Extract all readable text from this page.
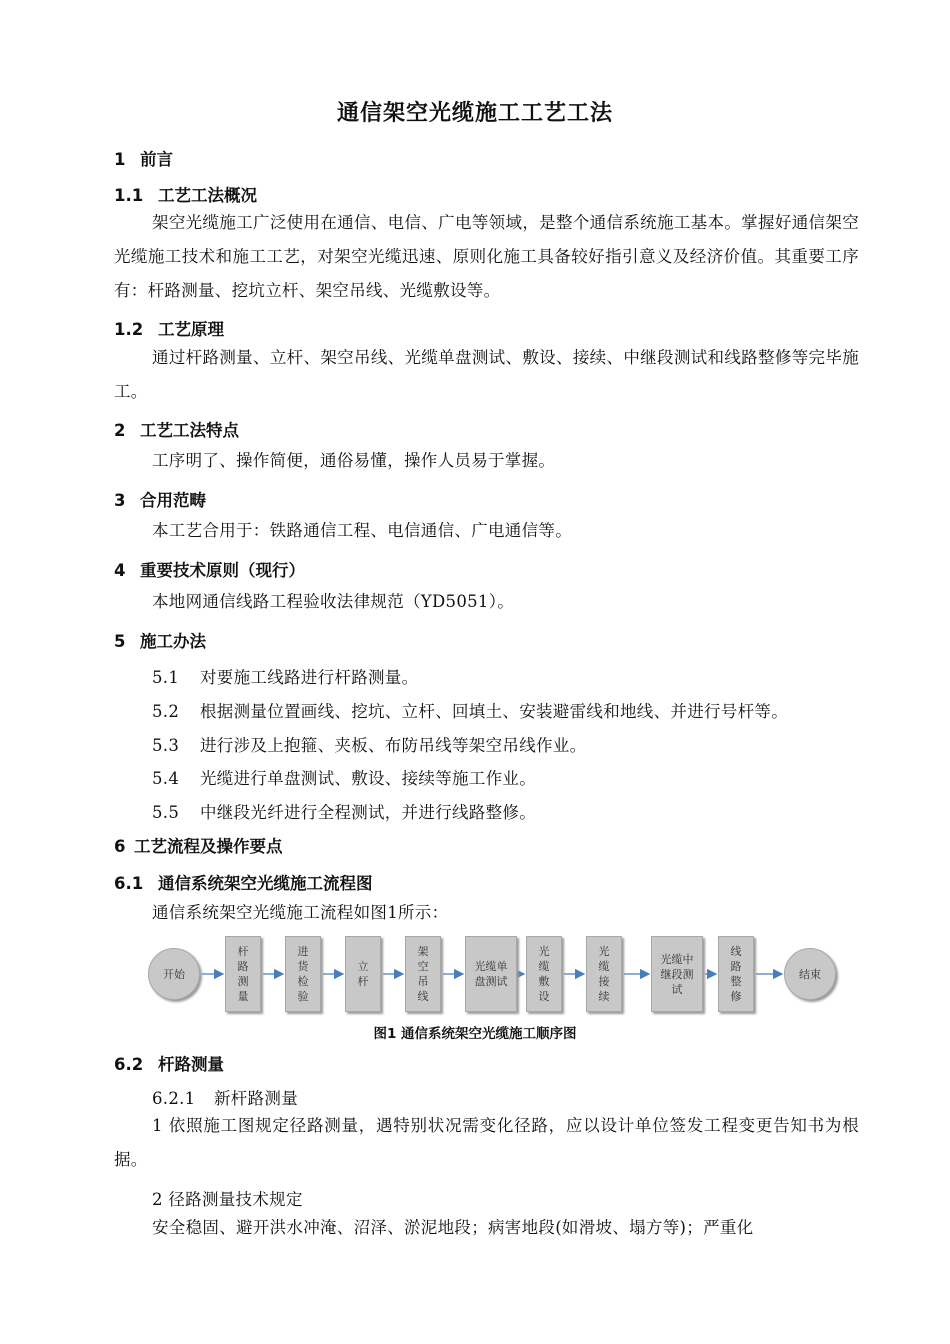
通信架空光缆施工工艺工法
1 前言
1.1 工艺工法概况
架空光缆施工广泛使用在通信、电信、广电等领域，是整个通信系统施工基本。掌握好通信架空光缆施工技术和施工工艺，对架空光缆迅速、原则化施工具备较好指引意义及经济价值。其重要工序有：杆路测量、挖坑立杆、架空吊线、光缆敷设等。
1.2 工艺原理
通过杆路测量、立杆、架空吊线、光缆单盘测试、敷设、接续、中继段测试和线路整修等完毕施工。
2 工艺工法特点
工序明了、操作简便，通俗易懂，操作人员易于掌握。
3 合用范畴
本工艺合用于：铁路通信工程、电信通信、广电通信等。
4 重要技术原则（现行）
本地网通信线路工程验收法律规范（YD5051）。
5 施工办法
5.1 对要施工线路进行杆路测量。
5.2 根据测量位置画线、挖坑、立杆、回填土、安装避雷线和地线、并进行号杆等。
5.3 进行涉及上抱箍、夹板、布防吊线等架空吊线作业。
5.4 光缆进行单盘测试、敷设、接续等施工作业。
5.5 中继段光纤进行全程测试，并进行线路整修。
6 工艺流程及操作要点
6.1 通信系统架空光缆施工流程图
通信系统架空光缆施工流程如图1所示：
开始
杆路测量
进货检验
立杆
架空吊线
光缆单盘测试
光缆敷设
光缆接续
光缆中继段测试
线路整修
结束
图1 通信系统架空光缆施工顺序图
6.2 杆路测量
6.2.1 新杆路测量
1 依照施工图规定径路测量，遇特别状况需变化径路，应以设计单位签发工程变更告知书为根据。
2 径路测量技术规定
安全稳固、避开洪水冲淹、沼泽、淤泥地段；病害地段(如滑坡、塌方等)；严重化
